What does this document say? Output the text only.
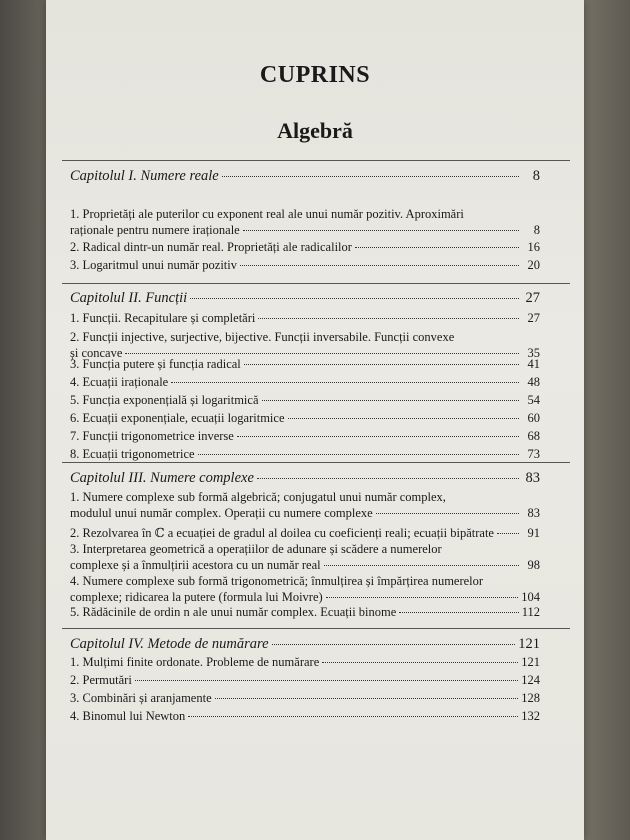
CUPRINS
Algebră
Capitolul I. Numere reale	8
1. Proprietăți ale puterilor cu exponent real ale unui număr pozitiv. Aproximări
raționale pentru numere iraționale	8
2. Radical dintr-un număr real. Proprietăți ale radicalilor	16
3. Logaritmul unui număr pozitiv	20
Capitolul II. Funcții	27
1. Funcții. Recapitulare și completări	27
2. Funcții injective, surjective, bijective. Funcții inversabile. Funcții convexe
și concave	35
3. Funcția putere și funcția radical	41
4. Ecuații iraționale	48
5. Funcția exponențială și logaritmică	54
6. Ecuații exponențiale, ecuații logaritmice	60
7. Funcții trigonometrice inverse	68
8. Ecuații trigonometrice	73
Capitolul III. Numere complexe	83
1. Numere complexe sub formă algebrică; conjugatul unui număr complex,
modulul unui număr complex. Operații cu numere complexe	83
2. Rezolvarea în ℂ a ecuației de gradul al doilea cu coeficienți reali; ecuații bipătrate	91
3. Interpretarea geometrică a operațiilor de adunare și scădere a numerelor
complexe și a înmulțirii acestora cu un număr real	98
4. Numere complexe sub formă trigonometrică; înmulțirea și împărțirea numerelor
complexe; ridicarea la putere (formula lui Moivre)	104
5. Rădăcinile de ordin n ale unui număr complex. Ecuații binome	112
Capitolul IV. Metode de numărare	121
1. Mulțimi finite ordonate. Probleme de numărare	121
2. Permutări	124
3. Combinări și aranjamente	128
4. Binomul lui Newton	132
